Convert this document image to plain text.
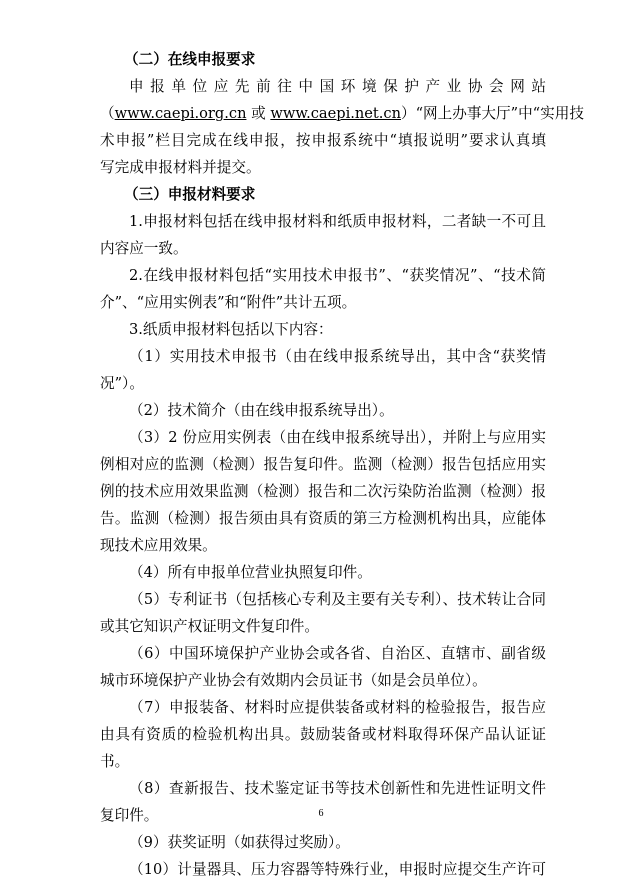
（二）在线申报要求
申报单位应先前往中国环境保护产业协会网站
（www.caepi.org.cn 或 www.caepi.net.cn）“网上办事大厅”中“实用技
术申报”栏目完成在线申报，按申报系统中“填报说明”要求认真填
写完成申报材料并提交。
（三）申报材料要求
1.申报材料包括在线申报材料和纸质申报材料，二者缺一不可且
内容应一致。
2.在线申报材料包括“实用技术申报书”、“获奖情况”、“技术简
介”、“应用实例表”和“附件”共计五项。
3.纸质申报材料包括以下内容：
（1）实用技术申报书（由在线申报系统导出，其中含“获奖情
况”）。
（2）技术简介（由在线申报系统导出）。
（3）2 份应用实例表（由在线申报系统导出），并附上与应用实
例相对应的监测（检测）报告复印件。监测（检测）报告包括应用实
例的技术应用效果监测（检测）报告和二次污染防治监测（检测）报
告。监测（检测）报告须由具有资质的第三方检测机构出具，应能体
现技术应用效果。
（4）所有申报单位营业执照复印件。
（5）专利证书（包括核心专利及主要有关专利）、技术转让合同
或其它知识产权证明文件复印件。
（6）中国环境保护产业协会或各省、自治区、直辖市、副省级
城市环境保护产业协会有效期内会员证书（如是会员单位）。
（7）申报装备、材料时应提供装备或材料的检验报告，报告应
由具有资质的检验机构出具。鼓励装备或材料取得环保产品认证证
书。
（8）查新报告、技术鉴定证书等技术创新性和先进性证明文件
复印件。
（9）获奖证明（如获得过奖励）。
（10）计量器具、压力容器等特殊行业，申报时应提交生产许可
6
